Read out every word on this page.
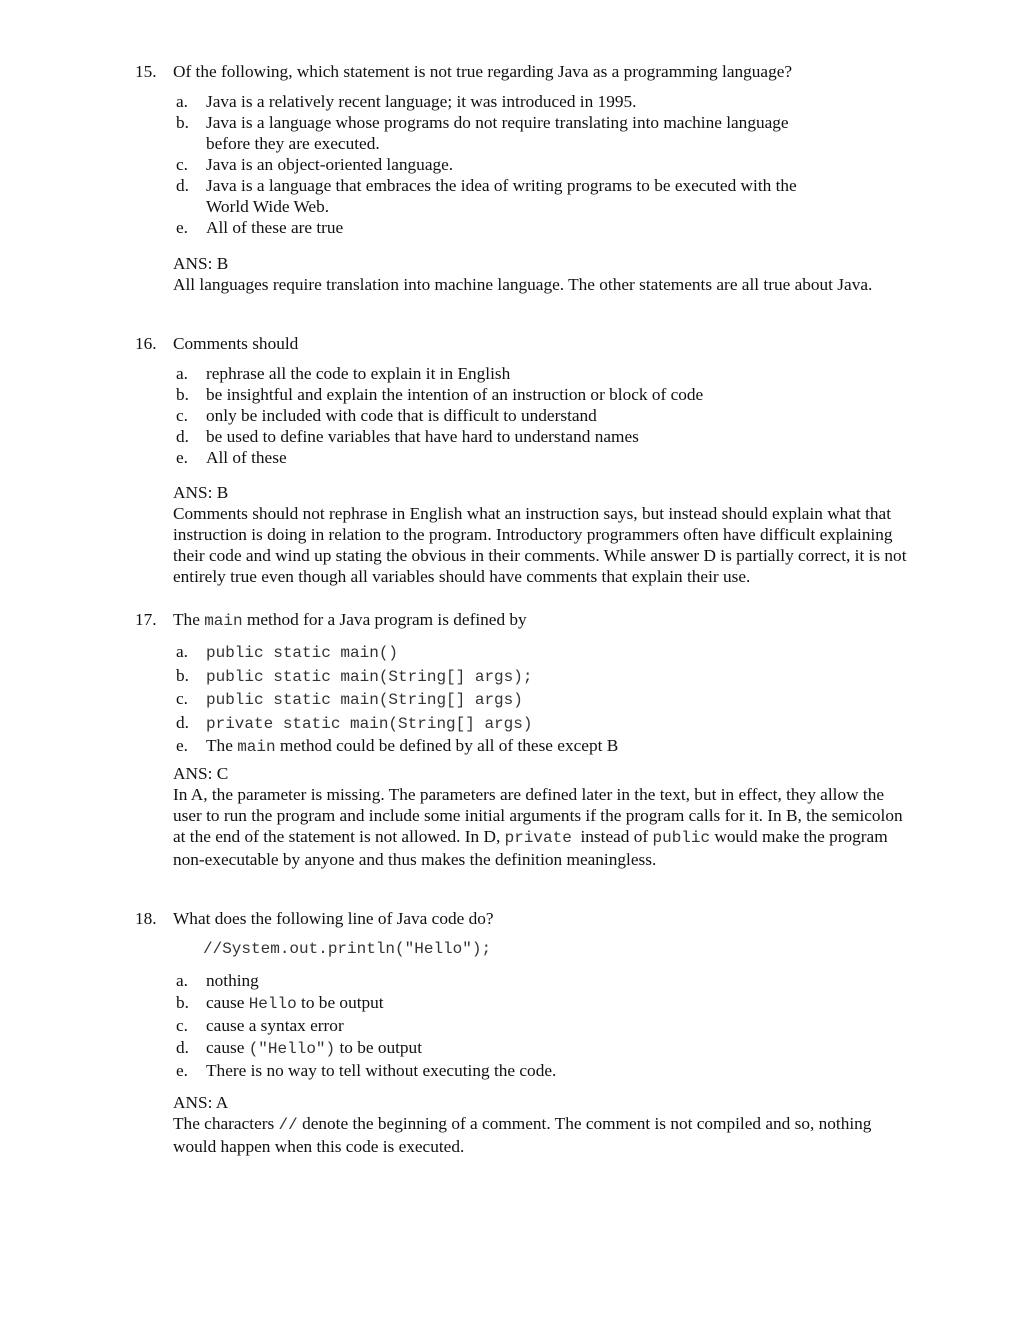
15. Of the following, which statement is not true regarding Java as a programming language?
a. Java is a relatively recent language; it was introduced in 1995.
b. Java is a language whose programs do not require translating into machine language before they are executed.
c. Java is an object-oriented language.
d. Java is a language that embraces the idea of writing programs to be executed with the World Wide Web.
e. All of these are true
ANS: B
All languages require translation into machine language. The other statements are all true about Java.
16. Comments should
a. rephrase all the code to explain it in English
b. be insightful and explain the intention of an instruction or block of code
c. only be included with code that is difficult to understand
d. be used to define variables that have hard to understand names
e. All of these
ANS: B
Comments should not rephrase in English what an instruction says, but instead should explain what that instruction is doing in relation to the program. Introductory programmers often have difficult explaining their code and wind up stating the obvious in their comments. While answer D is partially correct, it is not entirely true even though all variables should have comments that explain their use.
17. The main method for a Java program is defined by
a. public static main()
b. public static main(String[] args);
c. public static main(String[] args)
d. private static main(String[] args)
e. The main method could be defined by all of these except B
ANS: C
In A, the parameter is missing. The parameters are defined later in the text, but in effect, they allow the user to run the program and include some initial arguments if the program calls for it. In B, the semicolon at the end of the statement is not allowed. In D, private  instead of public would make the program non-executable by anyone and thus makes the definition meaningless.
18. What does the following line of Java code do?
//System.out.println("Hello");
a. nothing
b. cause Hello to be output
c. cause a syntax error
d. cause ("Hello") to be output
e. There is no way to tell without executing the code.
ANS: A
The characters // denote the beginning of a comment. The comment is not compiled and so, nothing would happen when this code is executed.
